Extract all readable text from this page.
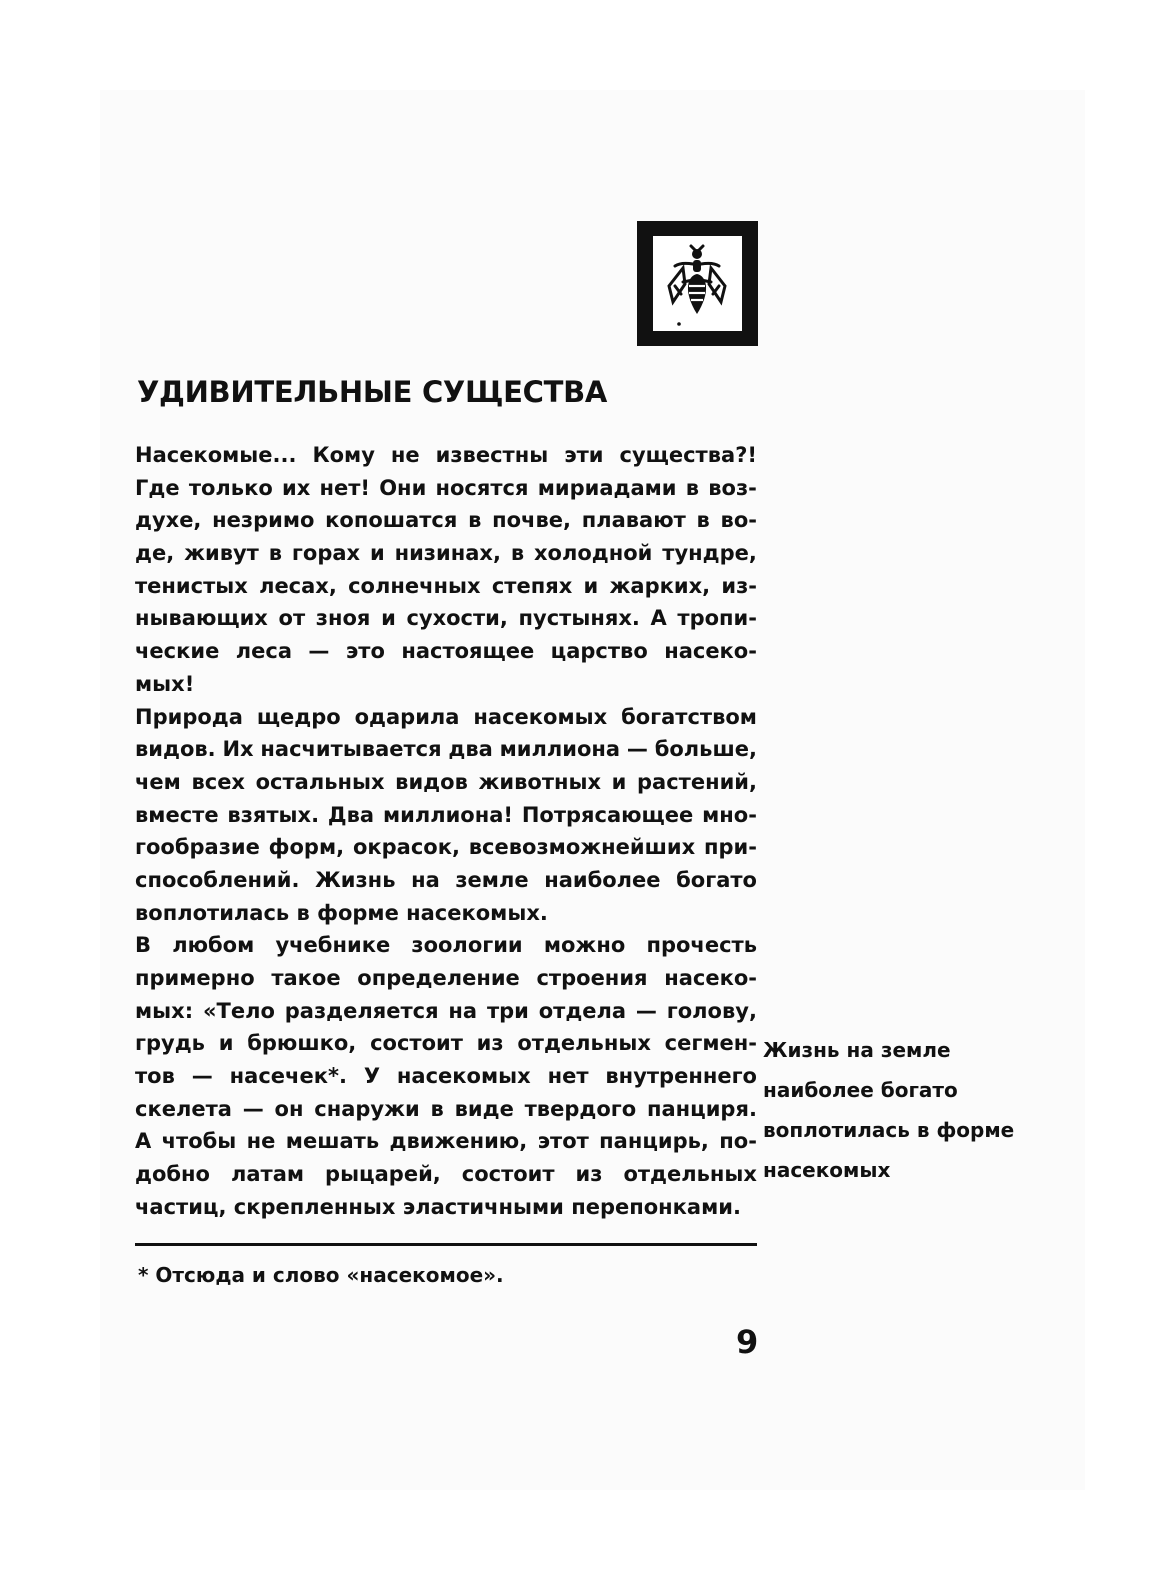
УДИВИТЕЛЬНЫЕ СУЩЕСТВА
Насекомые... Кому не известны эти существа?!
Где только их нет! Они носятся мириадами в воз-
духе, незримо копошатся в почве, плавают в во-
де, живут в горах и низинах, в холодной тундре,
тенистых лесах, солнечных степях и жарких, из-
нывающих от зноя и сухости, пустынях. А тропи-
ческие леса — это настоящее царство насеко-
мых!
Природа щедро одарила насекомых богатством
видов. Их насчитывается два миллиона — больше,
чем всех остальных видов животных и растений,
вместе взятых. Два миллиона! Потрясающее мно-
гообразие форм, окрасок, всевозможнейших при-
способлений. Жизнь на земле наиболее богато
воплотилась в форме насекомых.
В любом учебнике зоологии можно прочесть
примерно такое определение строения насеко-
мых: «Тело разделяется на три отдела — голову,
грудь и брюшко, состоит из отдельных сегмен-
тов — насечек*. У насекомых нет внутреннего
скелета — он снаружи в виде твердого панциря.
А чтобы не мешать движению, этот панцирь, по-
добно латам рыцарей, состоит из отдельных
частиц, скрепленных эластичными перепонками.
Жизнь на земле
наиболее богато
воплотилась в форме
насекомых
* Отсюда и слово «насекомое».
9
